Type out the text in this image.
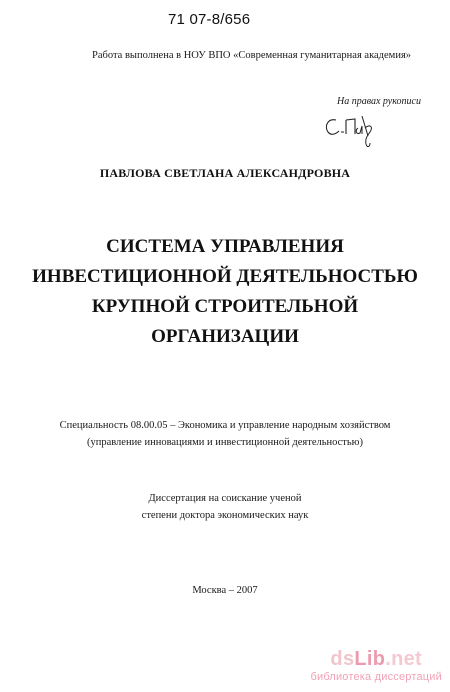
71 07-8/656
Работа выполнена в НОУ ВПО «Современная гуманитарная академия»
На правах рукописи
ПАВЛОВА СВЕТЛАНА АЛЕКСАНДРОВНА
СИСТЕМА УПРАВЛЕНИЯ
ИНВЕСТИЦИОННОЙ ДЕЯТЕЛЬНОСТЬЮ
КРУПНОЙ СТРОИТЕЛЬНОЙ
ОРГАНИЗАЦИИ
Специальность 08.00.05 – Экономика и управление народным хозяйством
(управление инновациями и инвестиционной деятельностью)
Диссертация на соискание ученой
степени доктора экономических наук
Москва – 2007
dsLib.net
библиотека диссертаций
